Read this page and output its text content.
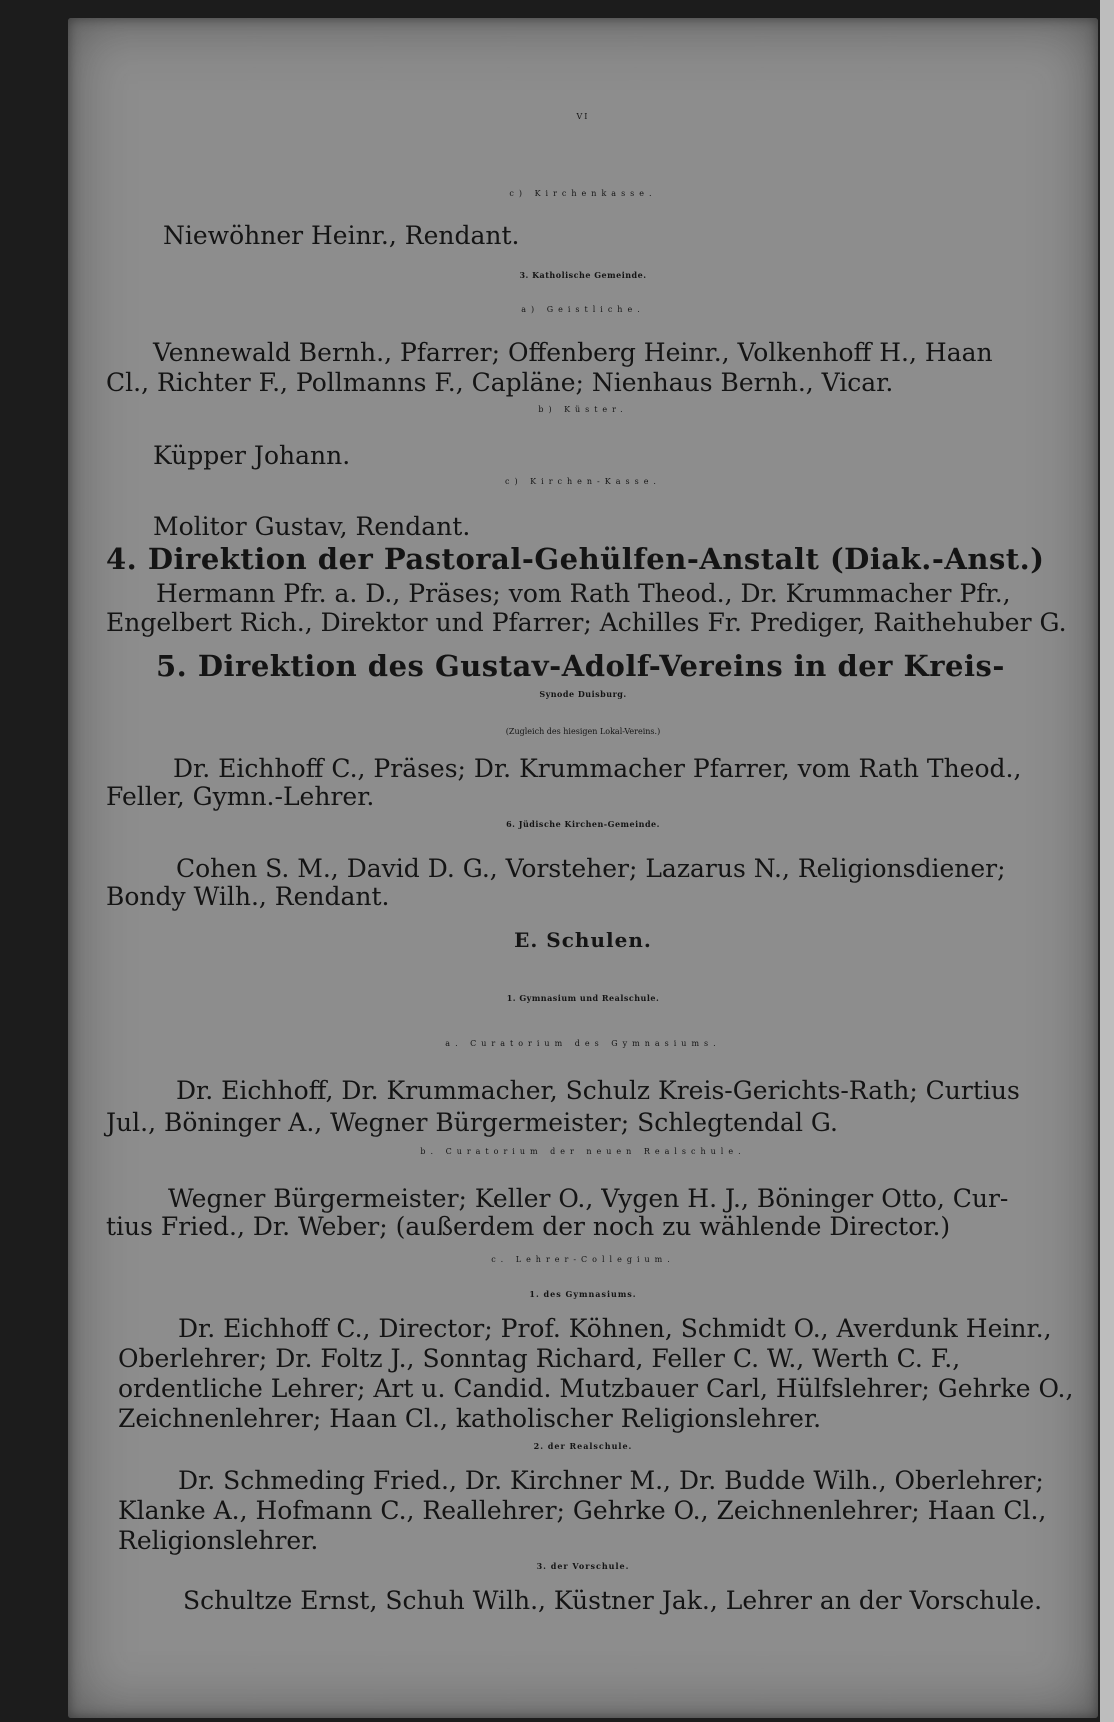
VI
c) Kirchenkasse.
Niewöhner Heinr., Rendant.
3. Katholische Gemeinde.
a) Geistliche.
Vennewald Bernh., Pfarrer; Offenberg Heinr., Volkenhoff H., Haan
Cl., Richter F., Pollmanns F., Capläne; Nienhaus Bernh., Vicar.
b) Küster.
Küpper Johann.
c) Kirchen-Kasse.
Molitor Gustav, Rendant.
4. Direktion der Pastoral-Gehülfen-Anstalt (Diak.-Anst.)
Hermann Pfr. a. D., Präses; vom Rath Theod., Dr. Krummacher Pfr.,
Engelbert Rich., Direktor und Pfarrer; Achilles Fr. Prediger, Raithehuber G.
5. Direktion des Gustav-Adolf-Vereins in der Kreis-
Synode Duisburg.
(Zugleich des hiesigen Lokal-Vereins.)
Dr. Eichhoff C., Präses; Dr. Krummacher Pfarrer, vom Rath Theod.,
Feller, Gymn.-Lehrer.
6. Jüdische Kirchen-Gemeinde.
Cohen S. M., David D. G., Vorsteher; Lazarus N., Religionsdiener;
Bondy Wilh., Rendant.
E. Schulen.
1. Gymnasium und Realschule.
a. Curatorium des Gymnasiums.
Dr. Eichhoff, Dr. Krummacher, Schulz Kreis-Gerichts-Rath; Curtius
Jul., Böninger A., Wegner Bürgermeister; Schlegtendal G.
b. Curatorium der neuen Realschule.
Wegner Bürgermeister; Keller O., Vygen H. J., Böninger Otto, Cur-
tius Fried., Dr. Weber; (außerdem der noch zu wählende Director.)
c. Lehrer-Collegium.
1. des Gymnasiums.
Dr. Eichhoff C., Director; Prof. Köhnen, Schmidt O., Averdunk Heinr.,
Oberlehrer; Dr. Foltz J., Sonntag Richard, Feller C. W., Werth C. F.,
ordentliche Lehrer; Art u. Candid. Mutzbauer Carl, Hülfslehrer; Gehrke O.,
Zeichnenlehrer; Haan Cl., katholischer Religionslehrer.
2. der Realschule.
Dr. Schmeding Fried., Dr. Kirchner M., Dr. Budde Wilh., Oberlehrer;
Klanke A., Hofmann C., Reallehrer; Gehrke O., Zeichnenlehrer; Haan Cl.,
Religionslehrer.
3. der Vorschule.
Schultze Ernst, Schuh Wilh., Küstner Jak., Lehrer an der Vorschule.
